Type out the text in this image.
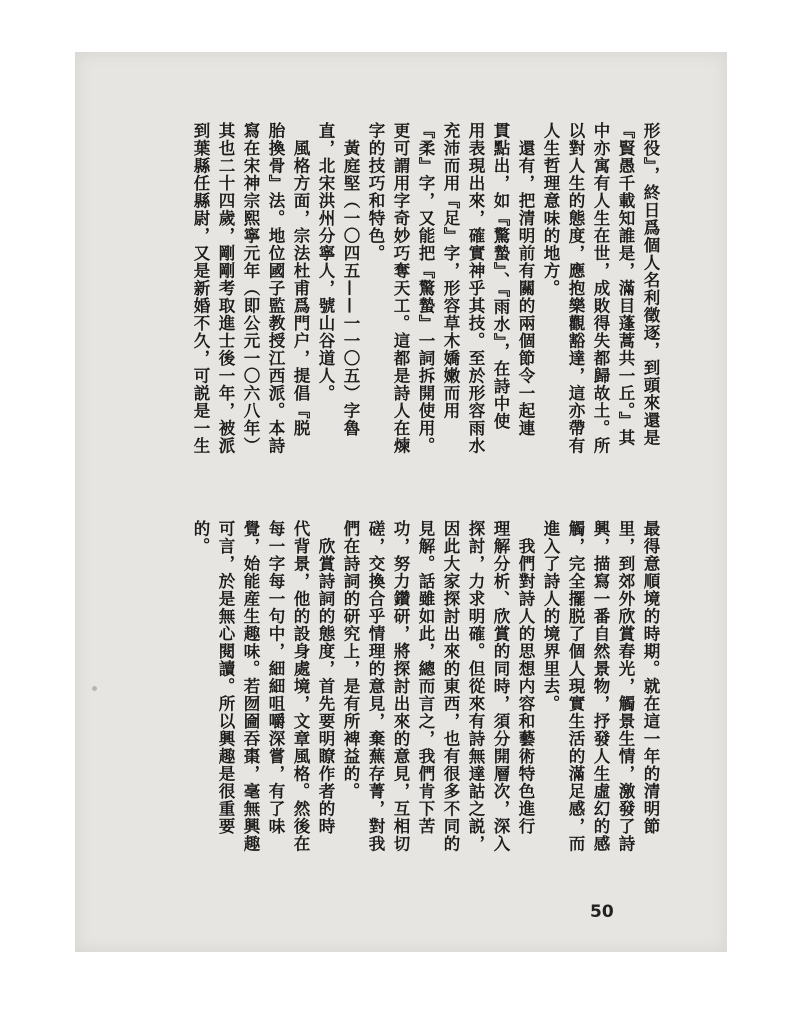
形役』，終日爲個人名利徵逐，到頭來還是
『賢愚千載知誰是，滿目蓬蒿共一丘。』其
中亦寓有人生在世，成敗得失都歸故土。所
以對人生的態度，應抱樂觀豁達，這亦帶有
人生哲理意味的地方。
　還有，把清明前有關的兩個節令一起連
貫點出，如『驚蟄』、『雨水』，在詩中使
用表現出來，確實神乎其技。至於形容雨水
充沛而用『足』字，形容草木嬌嫩而用
『柔』字，又能把『驚蟄』一詞拆開使用。
更可謂用字奇妙巧奪天工。這都是詩人在煉
字的技巧和特色。
　黃庭堅（一〇四五——一一〇五）字魯
直，北宋洪州分寧人，號山谷道人。
　風格方面，宗法杜甫爲門户，提倡『脱
胎換骨』法。地位國子監教授江西派。本詩
寫在宋神宗熙寧元年（即公元一〇六八年）
其也二十四歲，剛剛考取進士後一年，被派
到葉縣任縣尉，又是新婚不久，可説是一生
最得意順境的時期。就在這一年的清明節
里，到郊外欣賞春光，觸景生情，激發了詩
興，描寫一番自然景物，抒發人生虛幻的感
觸，完全擺脱了個人現實生活的滿足感，而
進入了詩人的境界里去。
　我們對詩人的思想内容和藝術特色進行
理解分析、欣賞的同時，須分開層次，深入
探討，力求明確。但從來有詩無達詁之説，
因此大家探討出來的東西，也有很多不同的
見解。話雖如此，總而言之，我們肯下苦
功，努力鑽研，將探討出來的意見，互相切
磋，交換合乎情理的意見，棄蕪存菁，對我
們在詩詞的研究上，是有所裨益的。
　欣賞詩詞的態度，首先要明瞭作者的時
代背景，他的設身處境，文章風格。然後在
每一字每一句中，細細咀嚼深嘗，有了味
覺，始能産生趣味。若囫圇吞棗，毫無興趣
可言，於是無心閱讀。所以興趣是很重要
的。
50
